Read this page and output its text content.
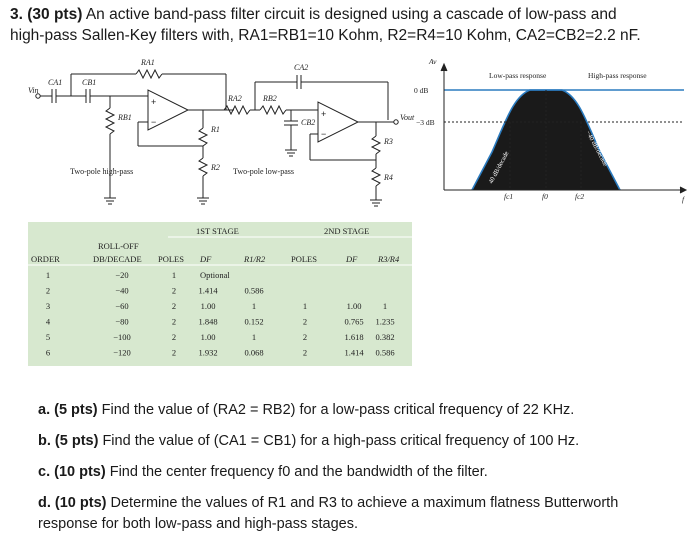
3. (30 pts) An active band-pass filter circuit is designed using a cascade of low-pass and
high-pass Sallen-Key filters with, RA1=RB1=10 Kohm, R2=R4=10 Kohm, CA2=CB2=2.2 nF.
Vin
CA1 CB1
RA1
RB1
RA2	RB2
CA2
CB2
R1
R2
R3
R4
Vout
+
−
+
−
Two-pole high-pass	Two-pole low-pass
Av
0 dB
−3 dB
Low-pass response	High-pass response
fc1	f0	fc2	f
40 dB/decade
−40 dB/decade
1ST STAGE	2ND STAGE
ROLL-OFF
ORDER	DB/DECADE POLES DF	R1/R2	POLES	DF R3/R4
1	−20	1	Optional
2	−40	2	1.414	0.586
3	−60	2	1.00	1	1	1.00	1
4	−80	2	1.848	0.152	2	0.765 1.235
5	−100	2	1.00	1	2	1.618 0.382
6	−120	2	1.932	0.068	2	1.414 0.586
a. (5 pts) Find the value of (RA2 = RB2) for a low-pass critical frequency of 22 KHz.
b. (5 pts) Find the value of (CA1 = CB1) for a high-pass critical frequency of 100 Hz.
c. (10 pts) Find the center frequency f0 and the bandwidth of the filter.
d. (10 pts) Determine the values of R1 and R3 to achieve a maximum flatness Butterworth
response for both low-pass and high-pass stages.
